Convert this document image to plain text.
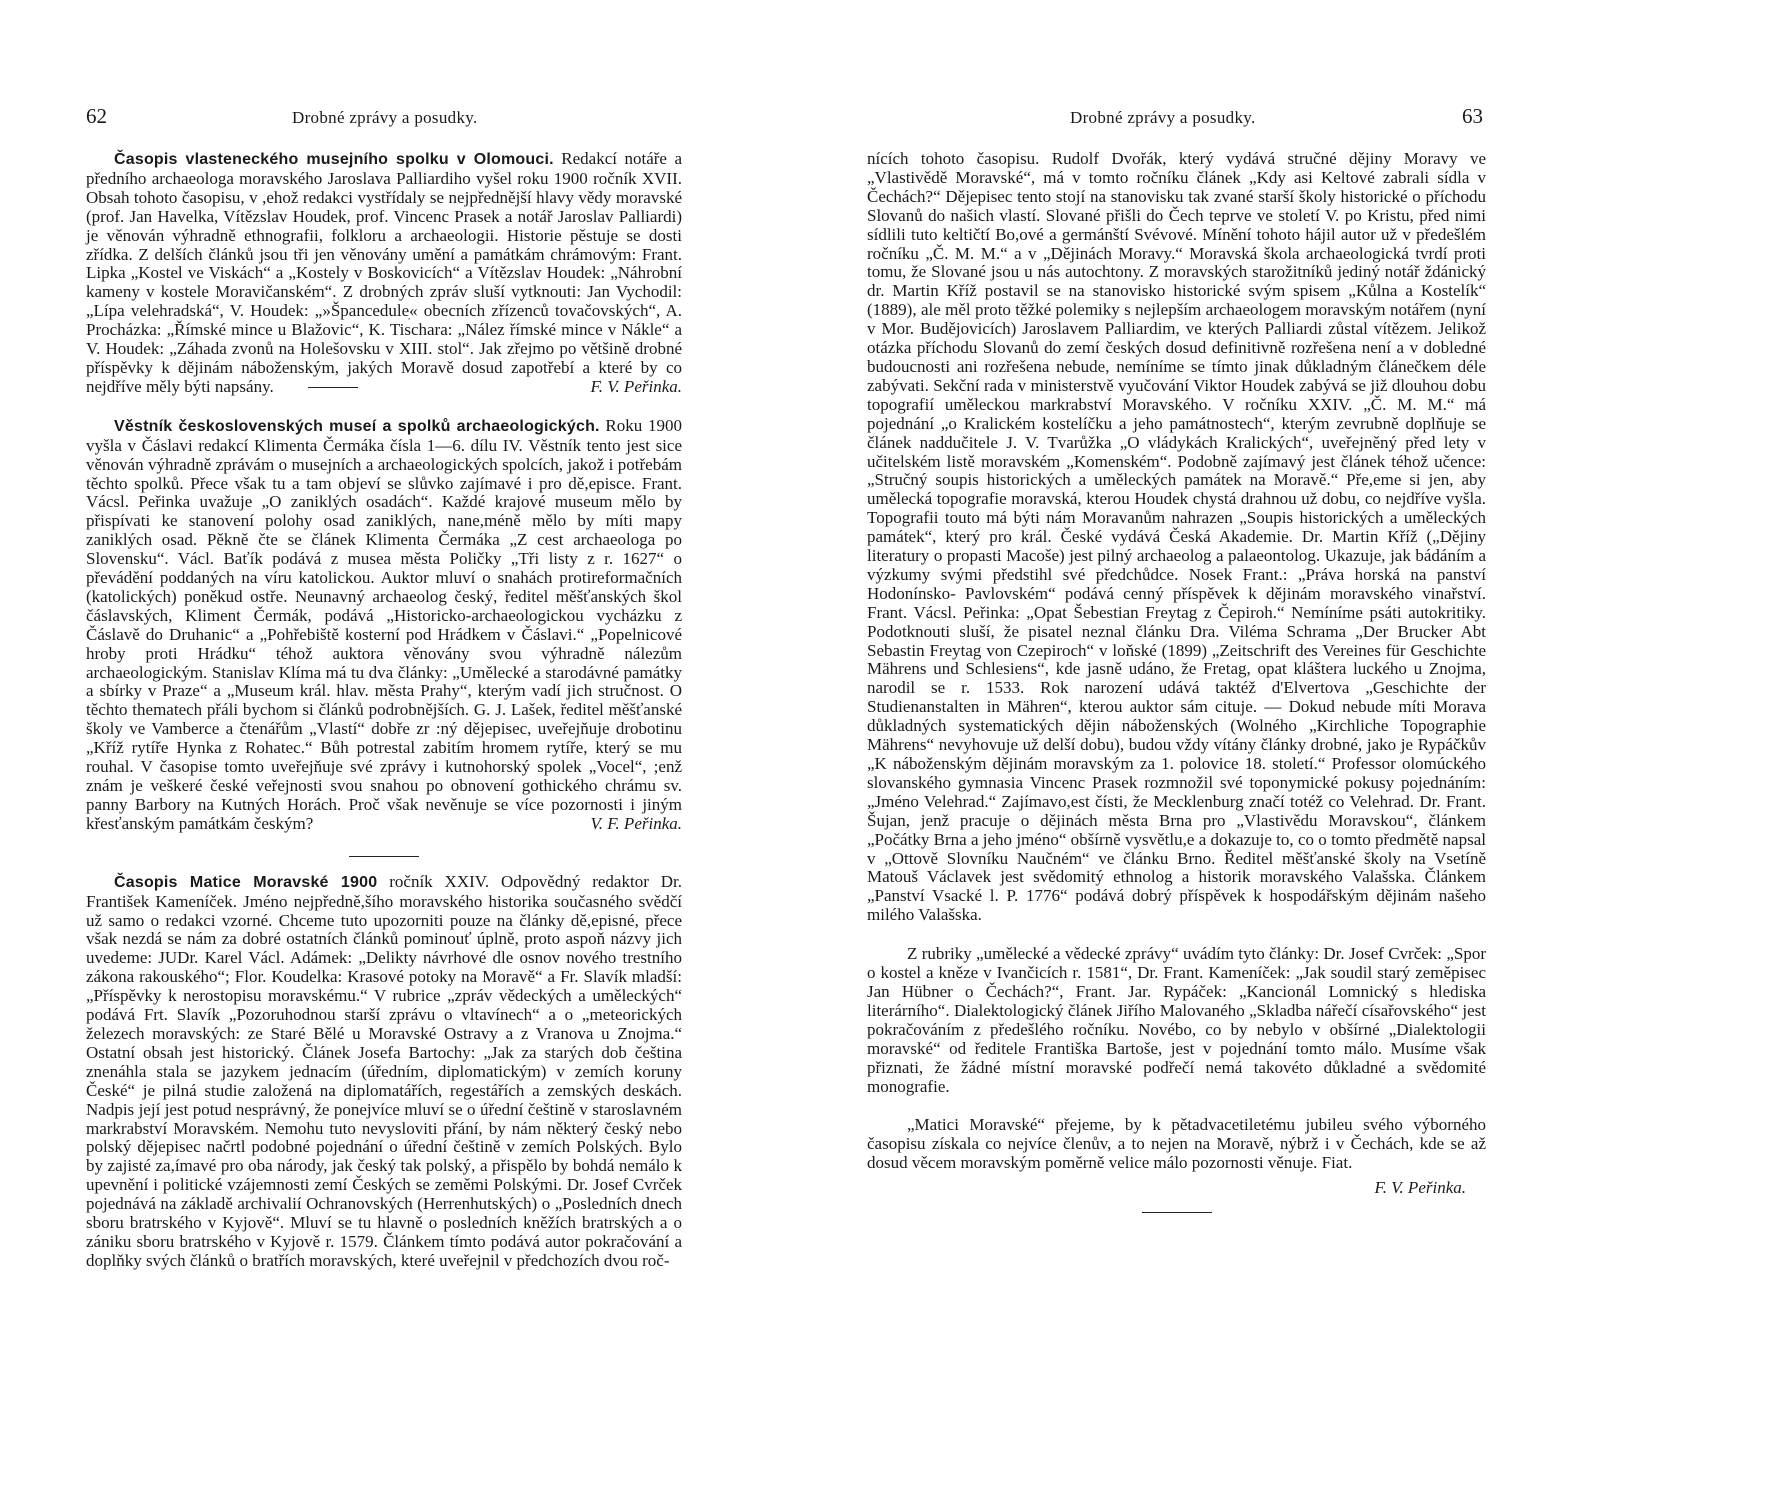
62	Drobné zprávy a posudky.

Časopis vlasteneckého musejního spolku v Olomouci. Redakcí notáře a předního archaeologa moravského Jaroslava Palliardiho vyšel roku 1900 ročník XVII. Obsah tohoto časopisu, v ,ehož redakci vystřídaly se nejpřednější hlavy vědy moravské (prof. Jan Havelka, Vítězslav Houdek, prof. Vincenc Prasek a notář Jaroslav Palliardi) je věnován výhradně ethnografii, folkloru a archaeologii. Historie pěstuje se dosti zřídka. Z delších článků jsou tři jen věnovány umění a památkám chrámovým: Frant. Lipka „Kostel ve Viskách“ a „Kostely v Boskovicích“ a Vítězslav Houdek: „Náhrobní kameny v kostele Moravičanském“. Z drobných zpráv sluší vytknouti: Jan Vychodil: „Lípa velehradská“, V. Houdek: „»Španceduleׅ« obecních zřízenců tovačovských“, A. Procházka: „Římské mince u Blažovic“, K. Tischara: „Nález římské mince v Nákle“ a V. Houdek: „Záhada zvonů na Holešovsku v XIII. stol“. Jak zřejmo po většině drobné příspěvky k dějinám náboženským, jakých Moravě dosud zapotřebí a které by co nejdříve měly býti napsány.	F. V. Peřinka.

Věstník československých museí a spolků archaeologických. Roku 1900 vyšla v Čáslavi redakcí Klimenta Čermáka čísla 1—6. dílu IV. Věstník tento jest sice věnován výhradně zprávám o musejních a archaeologických spolcích, jakož i potřebám těchto spolků. Přece však tu a tam objeví se slůvko zajímavé i pro dě,episce. Frant. Vácsl. Peřinka uvažuje „O zaniklých osadách“. Každé krajové museum mělo by přispívati ke stanovení polohy osad zaniklých, nane,méně mělo by míti mapy zaniklých osad. Pěkně čte se článek Klimenta Čermáka „Z cest archaeologa po Slovensku“. Václ. Baťík podává z musea města Poličky „Tři listy z r. 1627“ o převádění poddaných na víru katolickou. Auktor mluví o snahách protireformačních (katolických) poněkud ostře. Neunavný archaeolog český, ředitel měšťanských škol čáslavských, Kliment Čermák, podává „Historicko-archaeologickou vycházku z Čáslavě do Druhanic“ a „Pohřebiště kosterní pod Hrádkem v Čáslavi.“ „Popelnicové hroby proti Hrádku“ téhož auktora věnovány svou výhradně nálezům archaeologickým. Stanislav Klíma má tu dva články: „Umělecké a starodávné památky a sbírky v Praze“ a „Museum král. hlav. města Prahy“, kterým vadí jich stručnost. O těchto thematech přáli bychom si článků podrobnějších. G. J. Lašek, ředitel měšťanské školy ve Vamberce a čtenářům „Vlastí“ dobře zr :ný dějepisec, uveřejňuje drobotinu „Kříž rytíře Hynka z Rohatec.“ Bůh potrestal zabitím hromem rytíře, který se mu rouhal. V časopise tomto uveřejňuje své zprávy i kutnohorský spolek „Vocel“, ;enž znám je veškeré české veřejnosti svou snahou po obnovení gothického chrámu sv. panny Barbory na Kutných Horách. Proč však nevěnuje se více pozornosti i jiným křesťanským památkám českým?	V. F. Peřinka.

Časopis Matice Moravské 1900 ročník XXIV. Odpovědný redaktor Dr. František Kameníček. Jméno nejpředně,šího moravského historika současného svědčí už samo o redakci vzorné. Chceme tuto upozorniti pouze na články dě,episné, přece však nezdá se nám za dobré ostatních článků pominouť úplně, proto aspoň názvy jich uvedeme: JUDr. Karel Václ. Adámek: „Delikty návrhové dle osnov nového trestního zákona rakouského“; Flor. Koudelka: Krasové potoky na Moravě“ a Fr. Slavík mladší: „Příspěvky k nerostopisu moravskému.“ V rubrice „zpráv vědeckých a uměleckých“ podává Frt. Slavík „Pozoruhodnou starší zprávu o vltavínech“ a o „meteorických železech moravských: ze Staré Bělé u Moravské Ostravy a z Vranova u Znojma.“ Ostatní obsah jest historický. Článek Josefa Bartochy: „Jak za starých dob čeština znenáhla stala se jazykem jednacím (úředním, diplomatickým) v zemích koruny České“ je pilná studie založená na diplomatářích, regestářích a zemských deskách. Nadpis její jest potud nesprávný, že ponejvíce mluví se o úřední češtině v staroslavném markrabství Moravském. Nemohu tuto nevysloviti přání, by nám některý český nebo polský dějepisec načrtl podobné pojednání o úřední češtině v zemích Polských. Bylo by zajisté za,ímavé pro oba národy, jak český tak polský, a přispělo by bohdá nemálo k upevnění i politické vzájemnosti zemí Českých se zeměmi Polskými. Dr. Josef Cvrček pojednává na základě archivalií Ochranovských (Herrenhutských) o „Posledních dnech sboru bratrského v Kyjově“. Mluví se tu hlavně o posledních kněžích bratrských a o zániku sboru bratrského v Kyjově r. 1579. Článkem tímto podává autor pokračování a doplňky svých článků o bratřích moravských, které uveřejnil v předchozích dvou roč-

Drobné zprávy a posudky.	63

nících tohoto časopisu. Rudolf Dvořák, který vydává stručné dějiny Moravy ve „Vlastivědě Moravské“, má v tomto ročníku článek „Kdy asi Keltové zabrali sídla v Čechách?“ Dějepisec tento stojí na stanovisku tak zvané starší školy historické o příchodu Slovanů do našich vlastí. Slované přišli do Čech teprve ve století V. po Kristu, před nimi sídlili tuto keltičtí Bo,ové a germánští Svévové. Mínění tohoto hájil autor už v předešlém ročníku „Č. M. M.“ a v „Dějinách Moravy.“ Moravská škola archaeologická tvrdí proti tomu, že Slované jsou u nás autochtony. Z moravských starožitníků jediný notář ždánický dr. Martin Kříž postavil se na stanovisko historické svým spisem „Kůlna a Kostelík“ (1889), ale měl proto těžké polemiky s nejlepším archaeologem moravským notářem (nyní v Mor. Budějovicích) Jaroslavem Palliardim, ve kterých Palliardi zůstal vítězem. Jelikož otázka příchodu Slovanů do zemí českých dosud definitivně rozřešena není a v dobledné budoucnosti ani rozřešena nebude, nemíníme se tímto jinak důkladným článečkem déle zabývati. Sekční rada v ministerstvě vyučování Viktor Houdek zabývá se již dlouhou dobu topografií uměleckou markrabství Moravského. V ročníku XXIV. „Č. M. M.“ má pojednání „o Kralickém kostelíčku a jeho památnostech“, kterým zevrubně doplňuje se článek naddučitele J. V. Tvarůžka „O vládykách Kralických“, uveřejněný před lety v učitelském listě moravském „Komenském“. Podobně zajímavý jest článek téhož učence: „Stručný soupis historických a uměleckých památek na Moravě.“ Pře,eme si jen, aby umělecká topografie moravská, kterou Houdek chystá drahnou už dobu, co nejdříve vyšla. Topografii touto má býti nám Moravanům nahrazen „Soupis historických a uměleckých památek“, který pro král. České vydává Česká Akademie. Dr. Martin Kříž („Dějiny literatury o propasti Macoše) jest pilný archaeolog a palaeontolog. Ukazuje, jak bádáním a výzkumy svými předstihl své předchůdce. Nosek Frant.: „Práva horská na panství Hodonínsko- Pavlovském“ podává cenný příspěvek k dějinám moravského vinařství. Frant. Vácsl. Peřinka: „Opat Šebestian Freytag z Čepiroh.“ Nemíníme psáti autokritiky. Podotknouti sluší, že pisatel neznal článku Dra. Viléma Schrama „Der Brucker Abt Sebastin Freytag von Czepiroch“ v loňské (1899) „Zeitschrift des Vereines für Geschichte Mährens und Schlesiens“, kde jasně udáno, že Fretag, opat klášterа luckého u Znojma, narodil se r. 1533. Rok narození udává taktéž d'Elvertova „Geschichte der Studienanstalten in Mähren“, kterou auktor sám cituje. — Dokud nebude míti Morava důkladných systematických dějin náboženských (Wolného „Kirchliche Topographie Mährens“ nevyhovuje už delší dobu), budou vždy vítány články drobné, jako je Rypáčkův „K náboženským dějinám moravským za 1. polovice 18. století.“ Professor olomúckého slovanského gymnasia Vincenc Prasek rozmnožil své toponymické pokusy pojednáním: „Jméno Velehrad.“ Zajímavo,est čísti, že Mecklenburg značí totéž co Velehrad. Dr. Frant. Šujan, jenž pracuje o dějinách města Brna pro „Vlastivědu Moravskou“, článkem „Počátky Brna a jeho jméno“ obšírně vysvětlu,e a dokazuje to, co o tomto předmětě napsal v „Ottově Slovníku Naučném“ ve článku Brno. Ředitel měšťanské školy na Vsetíně Matouš Václavek jest svědomitý ethnolog a historik moravského Valašska. Článkem „Panství Vsacké l. P. 1776“ podává dobrý příspěvek k hospodářským dějinám našeho milého Valašska.

Z rubriky „umělecké a vědecké zprávy“ uvádím tyto články: Dr. Josef Cvrček: „Spor o kostel a kněze v Ivančicích r. 1581“, Dr. Frant. Kameníček: „Jak soudil starý zeměpisec Jan Hübner o Čechách?“, Frant. Jar. Rypáček: „Kancionál Lomnický s hlediska literárního“. Dialektologický článek Jiřího Malovaného „Skladba nářečí císařovského“ jest pokračováním z předešlého ročníku. Novébo, co by nebylo v obšírné „Dialektologii moravské“ od ředitele Františka Bartoše, jest v pojednání tomto málo. Musíme však přiznati, že žádné místní moravské podřečí nemá takovéto důkladné a svědomité monografie.

„Matici Moravské“ přejeme, by k pětadvacetiletému jubileu svého výborného časopisu získala co nejvíce členův, a to nejen na Moravě, nýbrž i v Čechách, kde se až dosud věcem moravským poměrně velice málo pozornosti věnuje. Fiat.

F. V. Peřinka.
